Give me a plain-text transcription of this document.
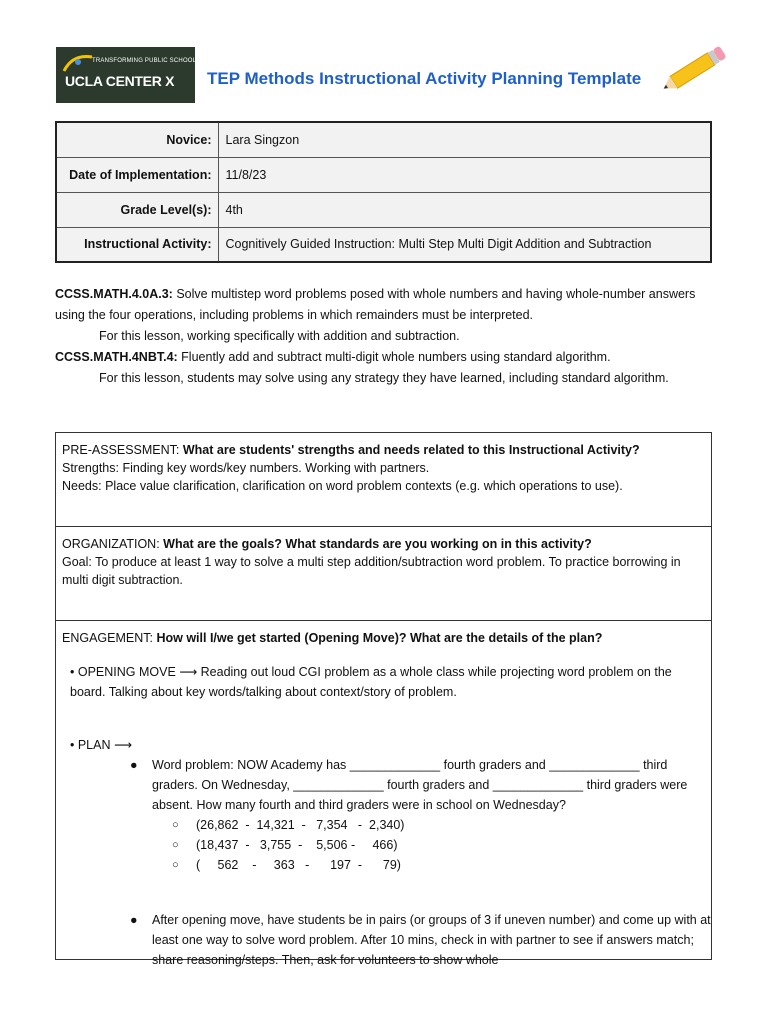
TRANSFORMING PUBLIC SCHOOLS
UCLA CENTER X TEP Methods Instructional Activity Planning Template
Novice:	Lara Singzon
Date of Implementation:	11/8/23
Grade Level(s):	4th
Instructional Activity:	Cognitively Guided Instruction: Multi Step Multi Digit Addition and Subtraction
CCSS.MATH.4.0A.3: Solve multistep word problems posed with whole numbers and having whole-number answers using the four operations, including problems in which remainders must be interpreted.
For this lesson, working specifically with addition and subtraction.
CCSS.MATH.4NBT.4: Fluently add and subtract multi-digit whole numbers using standard algorithm.
For this lesson, students may solve using any strategy they have learned, including standard algorithm.
PRE-ASSESSMENT: What are students' strengths and needs related to this Instructional Activity?
Strengths: Finding key words/key numbers. Working with partners.
Needs: Place value clarification, clarification on word problem contexts (e.g. which operations to use).
ORGANIZATION: What are the goals? What standards are you working on in this activity?
Goal: To produce at least 1 way to solve a multi step addition/subtraction word problem. To practice borrowing in multi digit subtraction.
ENGAGEMENT: How will I/we get started (Opening Move)? What are the details of the plan?
• OPENING MOVE ⟶ Reading out loud CGI problem as a whole class while projecting word problem on the board. Talking about key words/talking about context/story of problem.
• PLAN ⟶
● Word problem: NOW Academy has _____________ fourth graders and _____________ third graders. On Wednesday, _____________ fourth graders and _____________ third graders were absent. How many fourth and third graders were in school on Wednesday?
○ (26,862  -  14,321  -   7,354   -  2,340)
○ (18,437  -   3,755  -    5,506 -     466)
○ (     562    -     363   -      197  -      79)
● After opening move, have students be in pairs (or groups of 3 if uneven number) and come up with at least one way to solve word problem. After 10 mins, check in with partner to see if answers match; share reasoning/steps. Then, ask for volunteers to show whole
